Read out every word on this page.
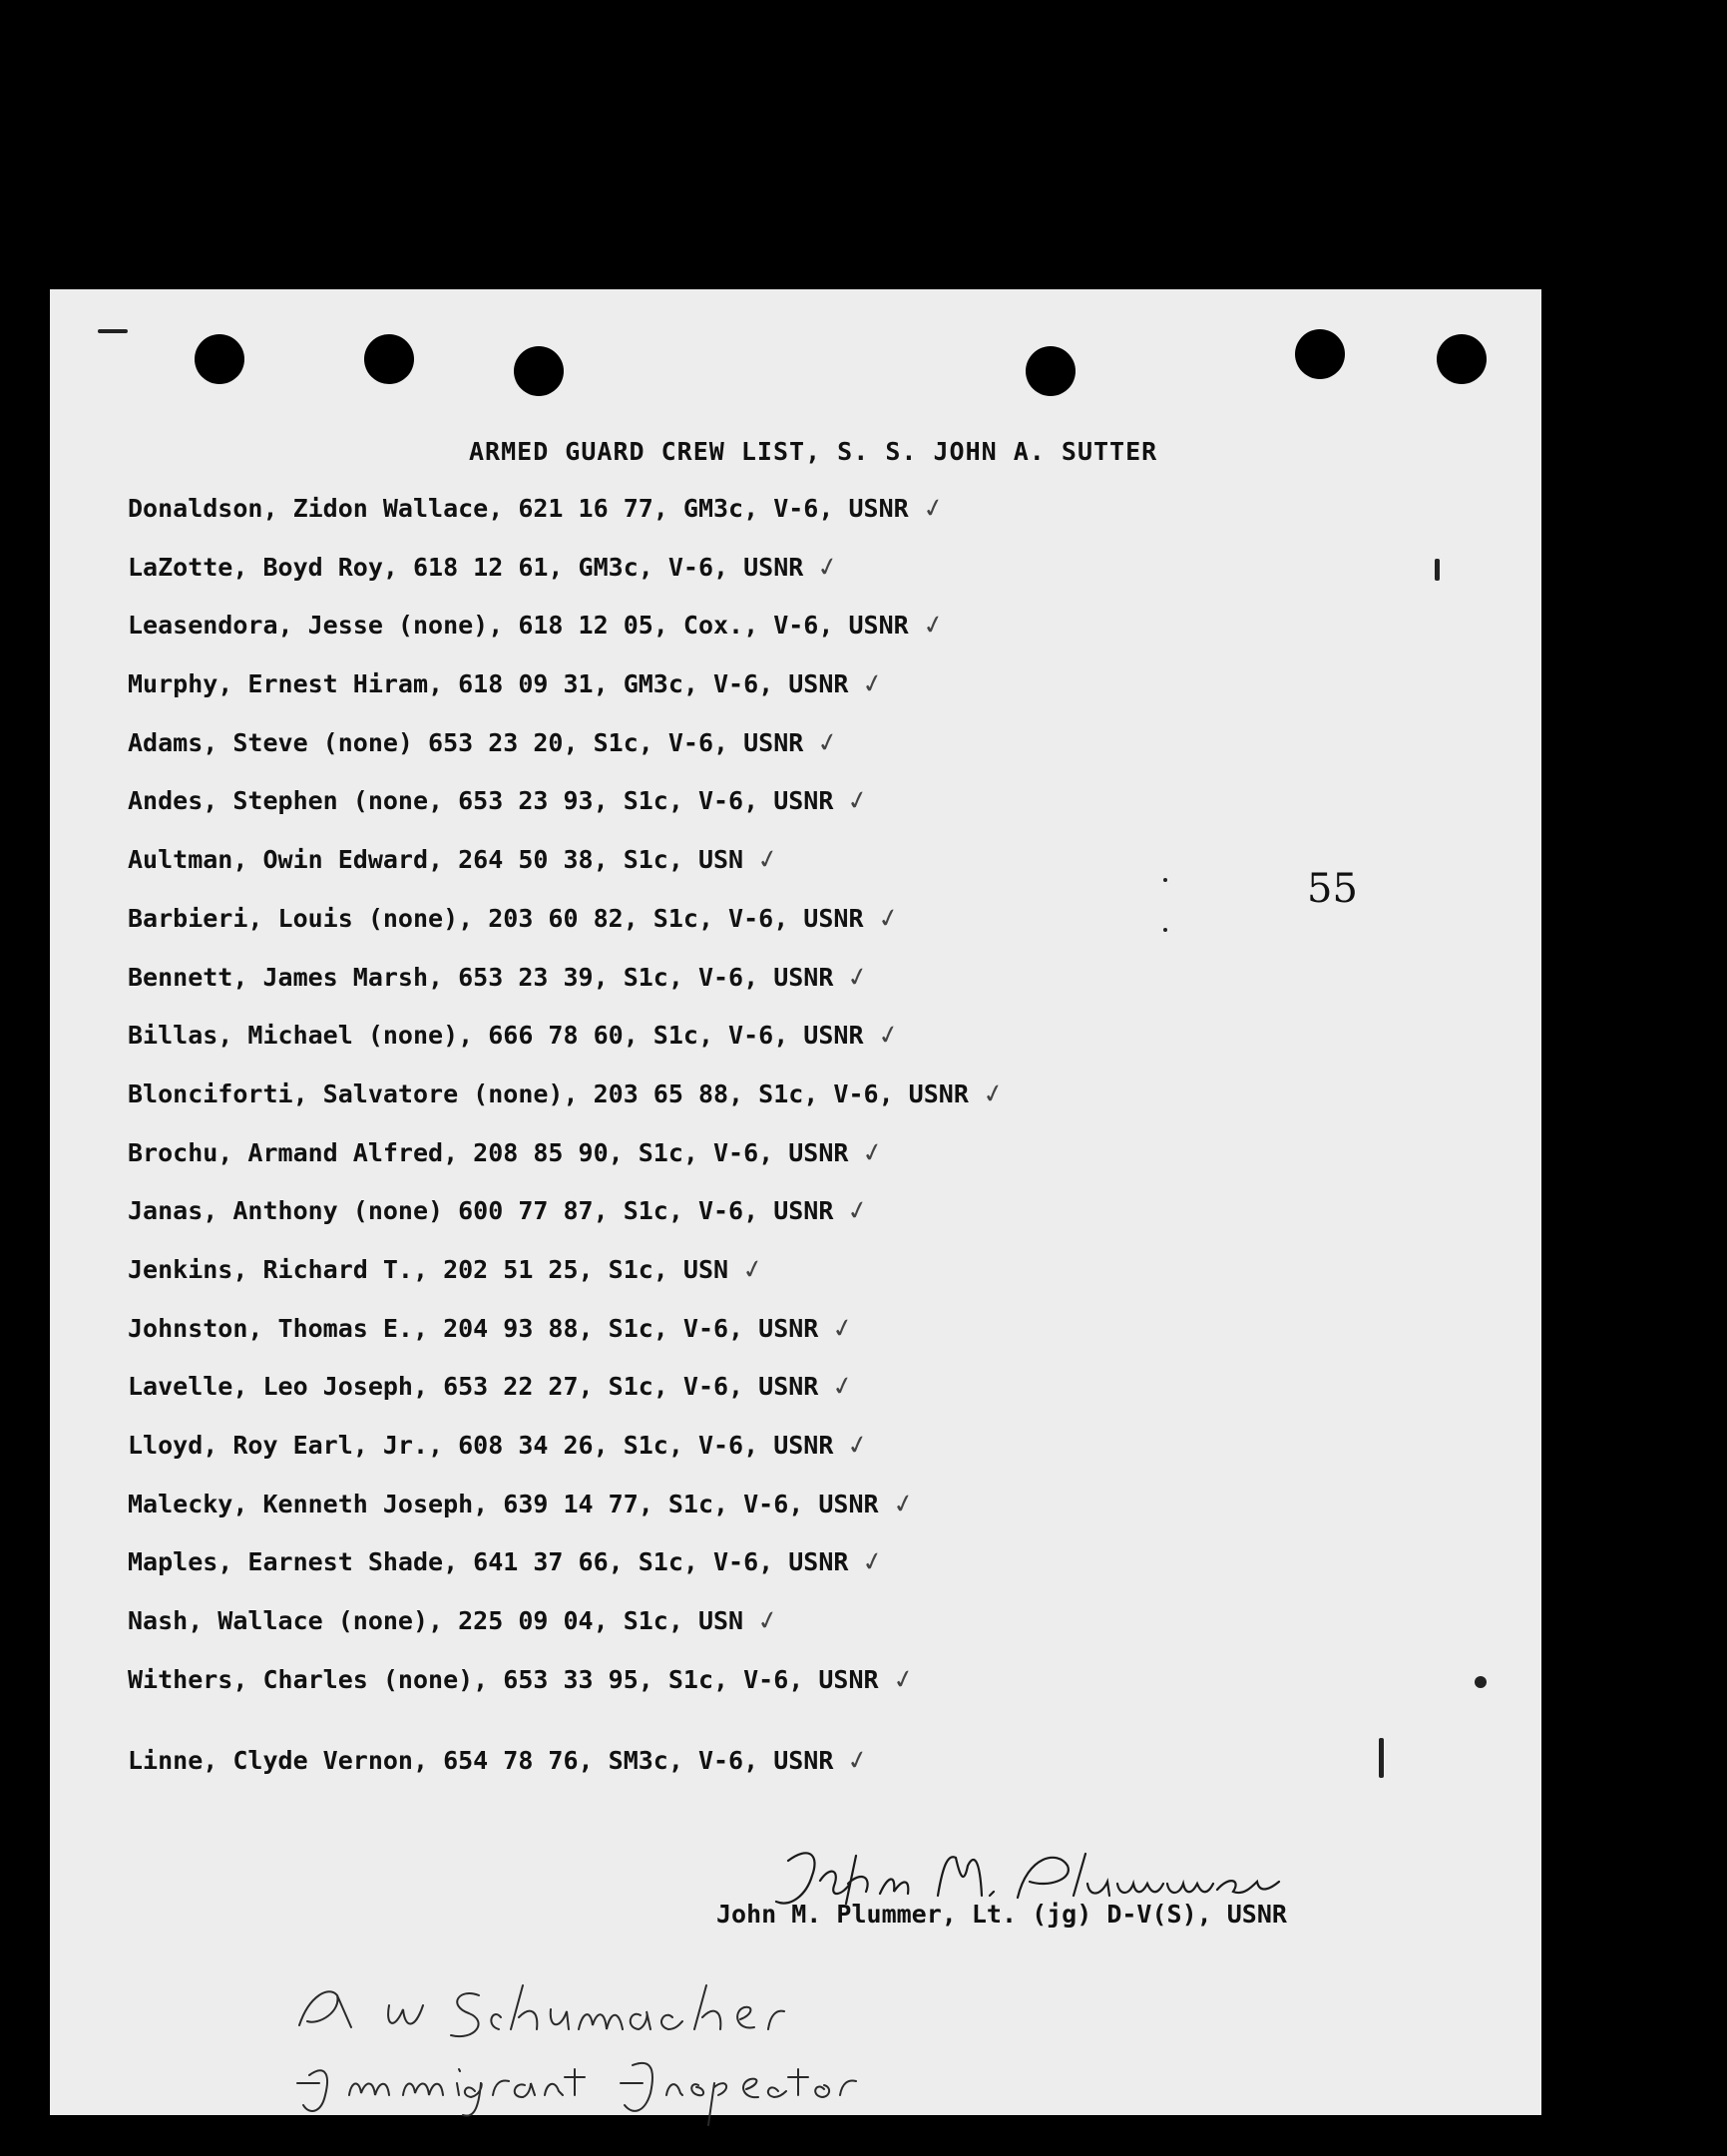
ARMED GUARD CREW LIST, S. S. JOHN A. SUTTER
Donaldson, Zidon Wallace, 621 16 77, GM3c, V-6, USNR ✓
LaZotte, Boyd Roy, 618 12 61, GM3c, V-6, USNR ✓
Leasendora, Jesse (none), 618 12 05, Cox., V-6, USNR ✓
Murphy, Ernest Hiram, 618 09 31, GM3c, V-6, USNR ✓
Adams, Steve (none) 653 23 20, S1c, V-6, USNR ✓
Andes, Stephen (none, 653 23 93, S1c, V-6, USNR ✓
Aultman, Owin Edward, 264 50 38, S1c, USN ✓
Barbieri, Louis (none), 203 60 82, S1c, V-6, USNR ✓
Bennett, James Marsh, 653 23 39, S1c, V-6, USNR ✓
Billas, Michael (none), 666 78 60, S1c, V-6, USNR ✓
Blonciforti, Salvatore (none), 203 65 88, S1c, V-6, USNR ✓
Brochu, Armand Alfred, 208 85 90, S1c, V-6, USNR ✓
Janas, Anthony (none) 600 77 87, S1c, V-6, USNR ✓
Jenkins, Richard T., 202 51 25, S1c, USN ✓
Johnston, Thomas E., 204 93 88, S1c, V-6, USNR ✓
Lavelle, Leo Joseph, 653 22 27, S1c, V-6, USNR ✓
Lloyd, Roy Earl, Jr., 608 34 26, S1c, V-6, USNR ✓
Malecky, Kenneth Joseph, 639 14 77, S1c, V-6, USNR ✓
Maples, Earnest Shade, 641 37 66, S1c, V-6, USNR ✓
Nash, Wallace (none), 225 09 04, S1c, USN ✓
Withers, Charles (none), 653 33 95, S1c, V-6, USNR ✓
Linne, Clyde Vernon, 654 78 76, SM3c, V-6, USNR ✓
55
John M. Plummer, Lt. (jg) D-V(S), USNR
